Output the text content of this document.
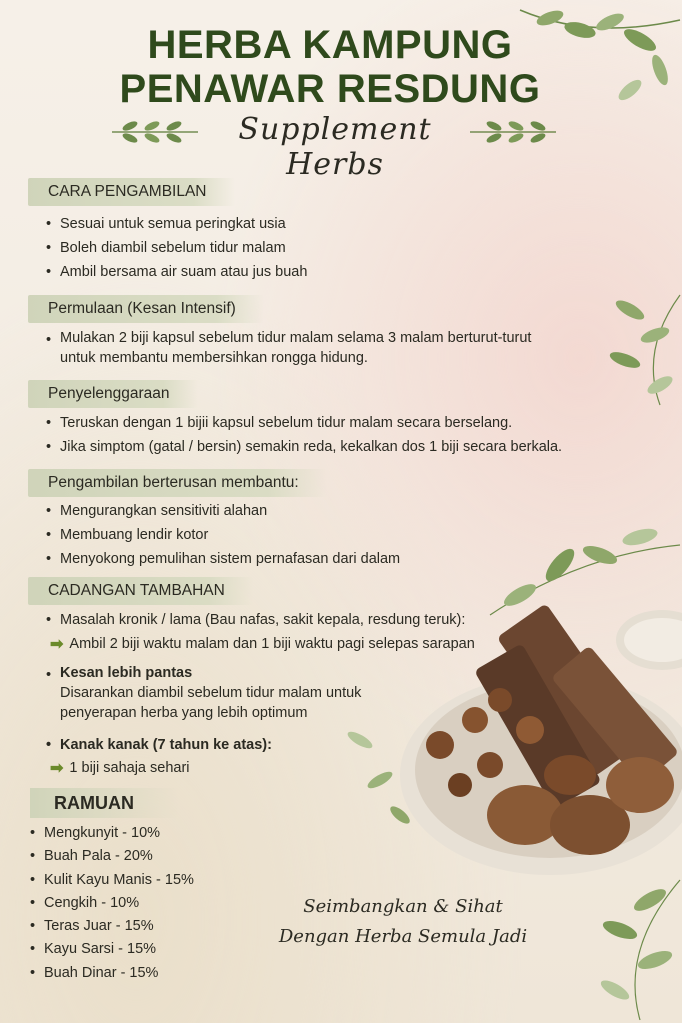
HERBA KAMPUNG
PENAWAR RESDUNG
Supplement Herbs
CARA PENGAMBILAN
• Sesuai untuk semua peringkat usia
• Boleh diambil sebelum tidur malam
• Ambil bersama air suam atau jus buah
Permulaan (Kesan Intensif)
• Mulakan 2 biji kapsul sebelum tidur malam selama 3 malam berturut-turut
untuk membantu membersihkan rongga hidung.
Penyelenggaraan
• Teruskan dengan 1 bijii kapsul sebelum tidur malam secara berselang.
• Jika simptom (gatal / bersin) semakin reda, kekalkan dos 1 biji secara berkala.
Pengambilan berterusan membantu:
• Mengurangkan sensitiviti alahan
• Membuang lendir kotor
• Menyokong pemulihan sistem pernafasan dari dalam
CADANGAN TAMBAHAN
• Masalah kronik / lama (Bau nafas, sakit kepala, resdung teruk):
➡ Ambil 2 biji waktu malam dan 1 biji waktu pagi selepas sarapan
• Kesan lebih pantas
Disarankan diambil sebelum tidur malam untuk
penyerapan herba yang lebih optimum
• Kanak kanak (7 tahun ke atas):
➡ 1 biji sahaja sehari
RAMUAN
• Mengkunyit - 10%
• Buah Pala - 20%
• Kulit Kayu Manis - 15%
• Cengkih - 10%
• Teras Juar - 15%
• Kayu Sarsi - 15%
• Buah Dinar - 15%
Seimbangkan & Sihat
Dengan Herba Semula Jadi
